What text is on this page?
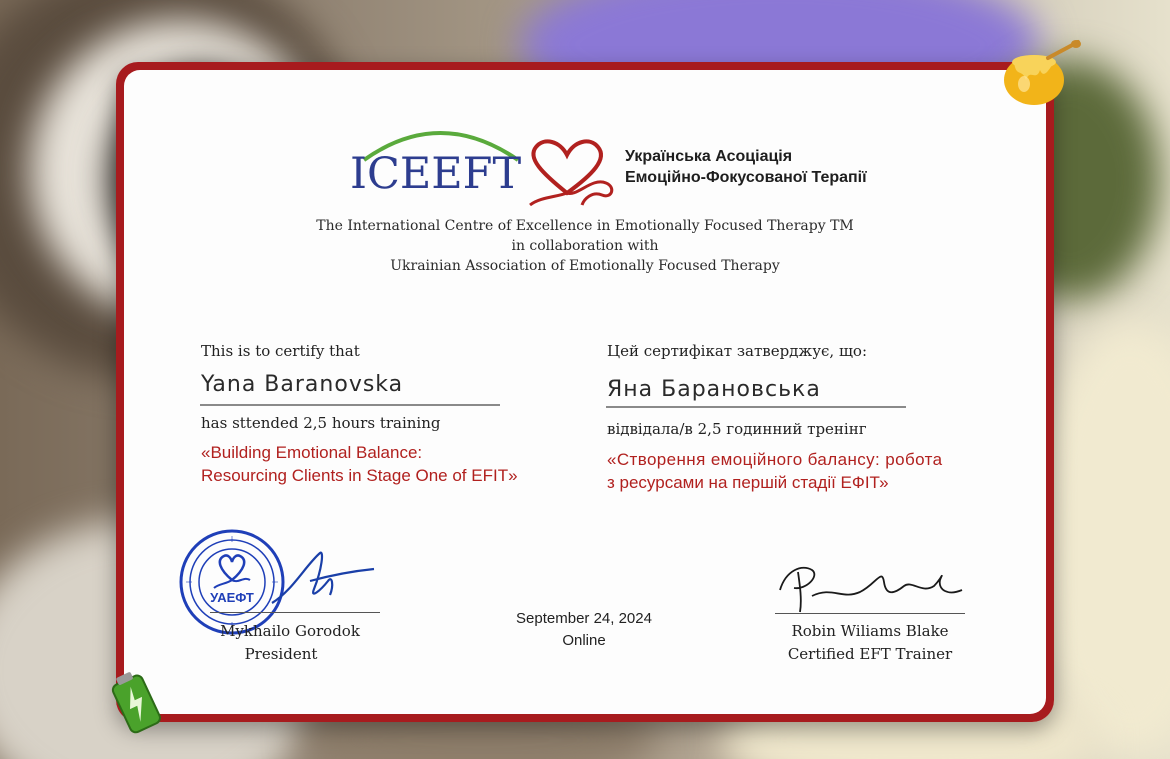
ICEEFT	Українська Асоціація
Емоційно-Фокусованої Терапії
The International Centre of Excellence in Emotionally Focused Therapy TM
in collaboration with
Ukrainian Association of Emotionally Focused Therapy
This is to certify that
Yana Baranovska
has sttended 2,5 hours training
«Building Emotional Balance:
Resourcing Clients in Stage One of EFIT»
Цей сертифікат затверджує, що:
Яна Барановська
відвідала/в 2,5 годинний тренінг
«Створення емоційного балансу: робота
з ресурсами на першій стадії ЕФІТ»
УАЕФТ
Mykhailo Gorodok
President
September 24, 2024
Online
Robin Wiliams Blake
Certified EFT Trainer
